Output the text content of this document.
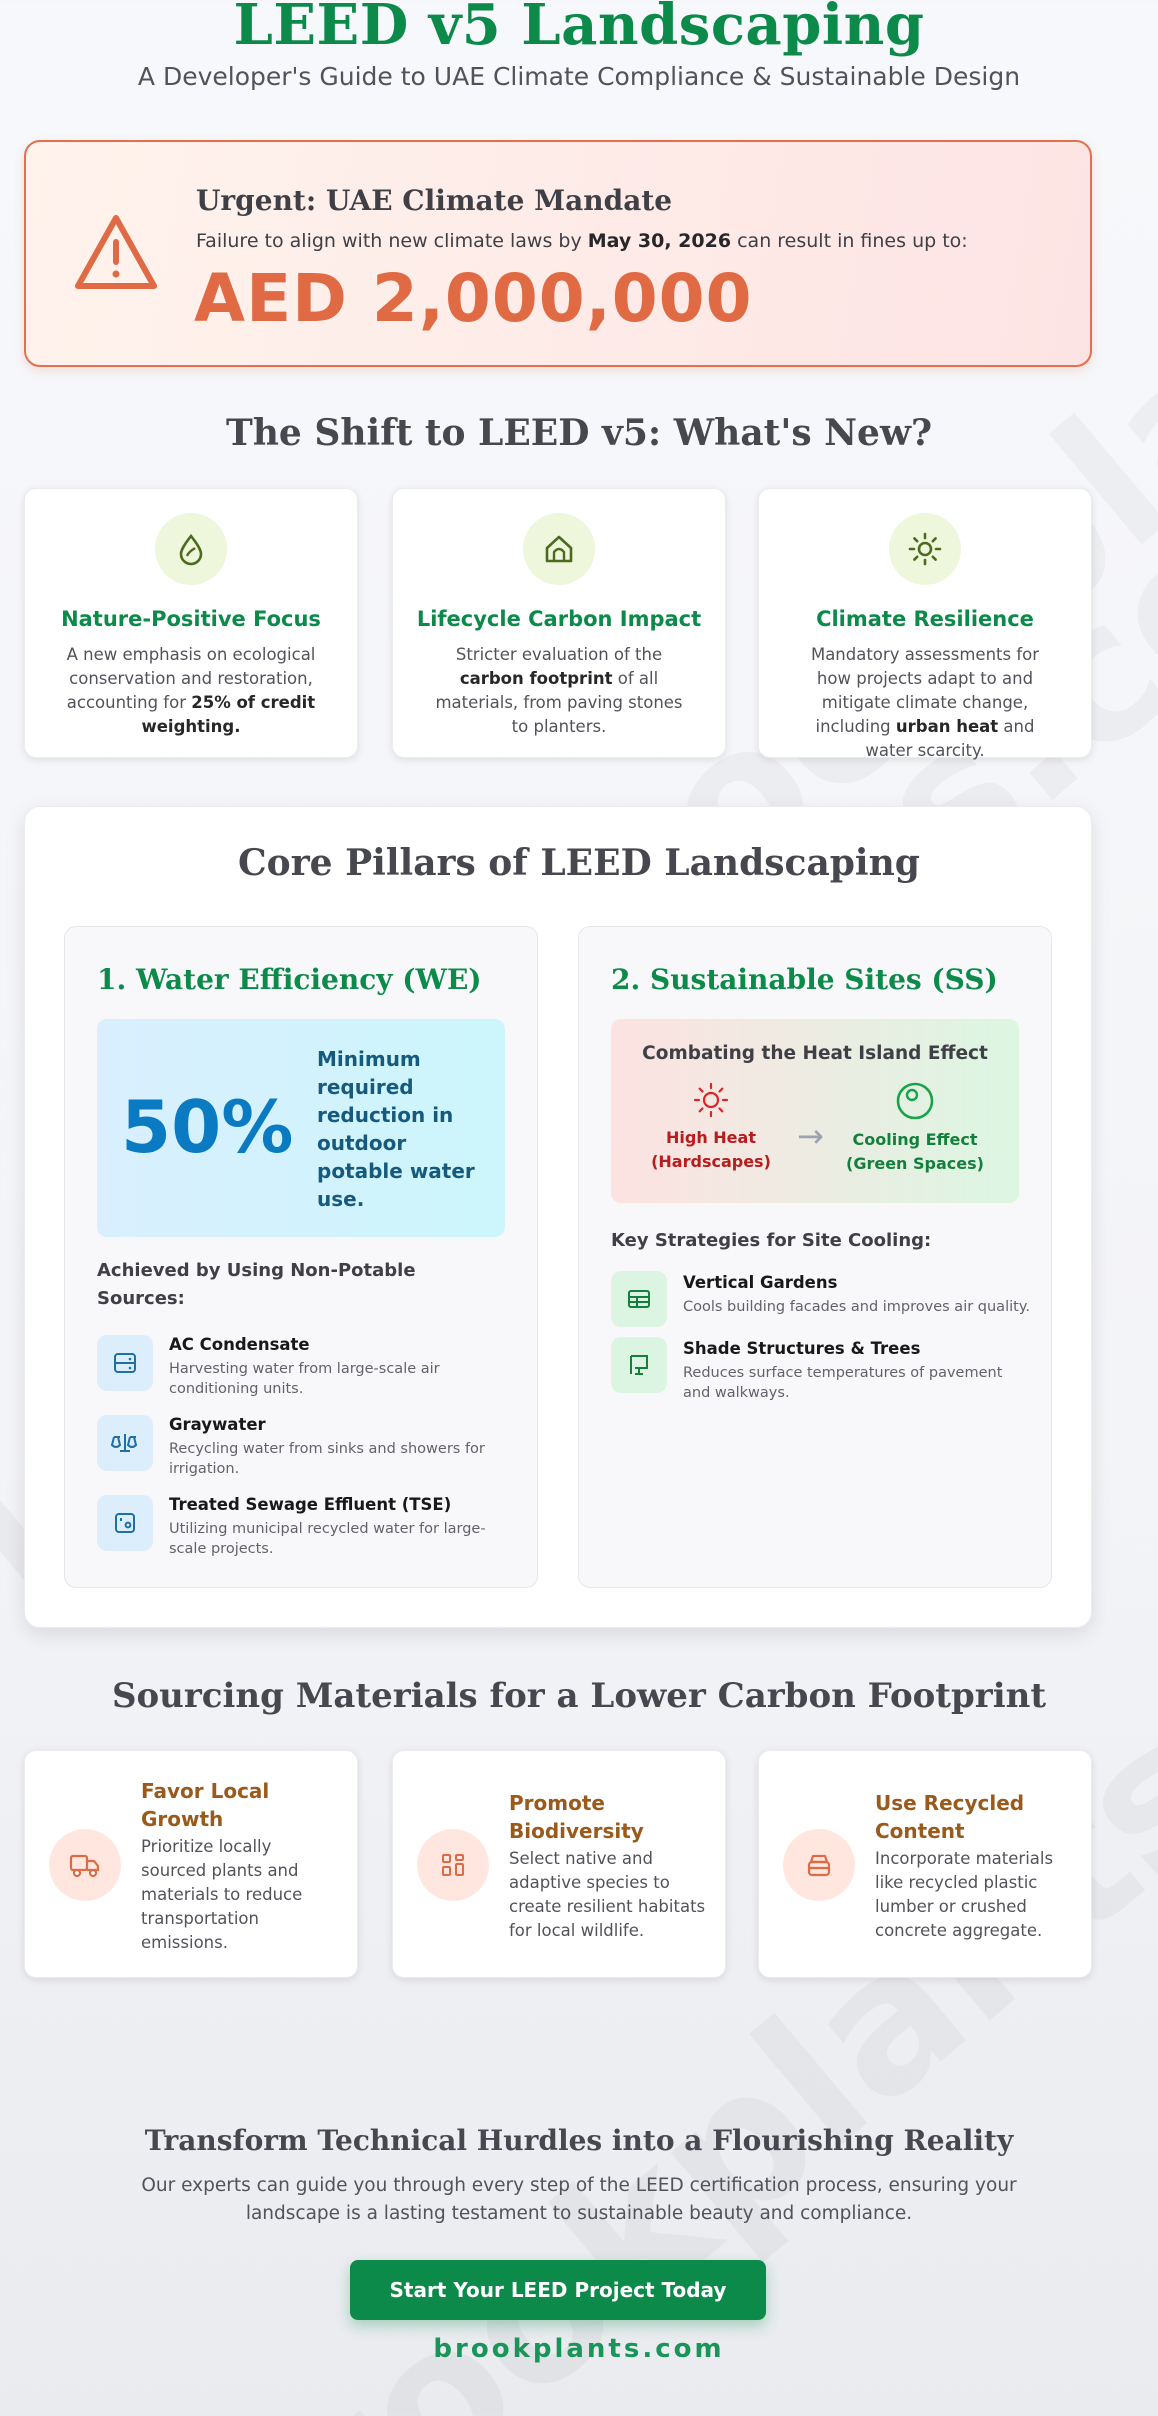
LEED v5 Landscaping

A Developer's Guide to UAE Climate Compliance & Sustainable Design

Urgent: UAE Climate Mandate
Failure to align with new climate laws by May 30, 2026 can result in fines up to:
AED 2,000,000
The Shift to LEED v5: What's New?
Nature-Positive Focus

A new emphasis on ecological conservation and restoration, accounting for 25% of credit weighting.

Lifecycle Carbon Impact

Stricter evaluation of the carbon footprint of all materials, from paving stones to planters.

Climate Resilience

Mandatory assessments for how projects adapt to and mitigate climate change, including urban heat and water scarcity.

Core Pillars of LEED Landscaping
1. Water Efficiency (WE)
50%
Minimum required reduction in outdoor potable water use.
Achieved by Using Non-Potable Sources:
AC Condensate
Harvesting water from large-scale air conditioning units.
Graywater
Recycling water from sinks and showers for irrigation.
Treated Sewage Effluent (TSE)
Utilizing municipal recycled water for large-scale projects.
2. Sustainable Sites (SS)
Combating the Heat Island Effect
High Heat (Hardscapes)
→	Cooling Effect (Green Spaces)
Key Strategies for Site Cooling:
Vertical Gardens
Cools building facades and improves air quality.
Shade Structures & Trees
Reduces surface temperatures of pavement and walkways.
Sourcing Materials for a Lower Carbon Footprint
Favor Local Growth

Prioritize locally sourced plants and materials to reduce transportation emissions.

Promote Biodiversity

Select native and adaptive species to create resilient habitats for local wildlife.

Use Recycled Content

Incorporate materials like recycled plastic lumber or crushed concrete aggregate.

Transform Technical Hurdles into a Flourishing Reality

Our experts can guide you through every step of the LEED certification process, ensuring your landscape is a lasting testament to sustainable beauty and compliance.

Start Your LEED Project Today
brookplants.com
